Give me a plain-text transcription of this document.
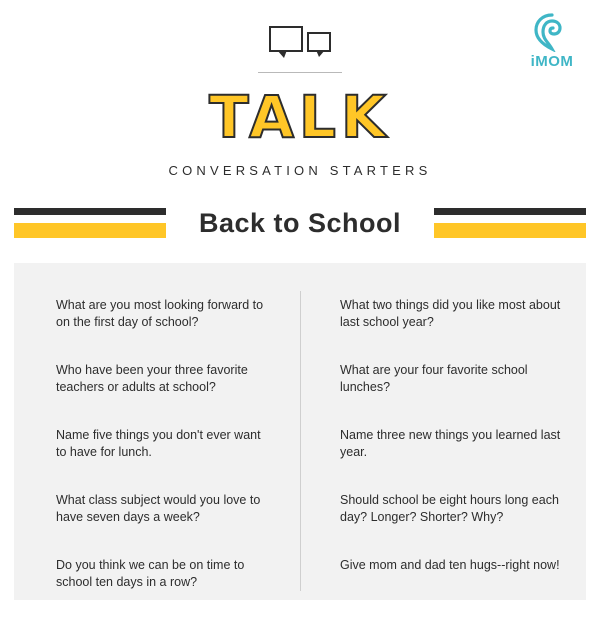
iMOM
TALK
CONVERSATION STARTERS
Back to School
What are you most looking forward to on the first day of school?
Who have been your three favorite teachers or adults at school?
Name five things you don't ever want to have for lunch.
What class subject would you love to have seven days a week?
Do you think we can be on time to school ten days in a row?
What two things did you like most about last school year?
What are your four favorite school lunches?
Name three new things you learned last year.
Should school be eight hours long each day? Longer? Shorter? Why?
Give mom and dad ten hugs--right now!
